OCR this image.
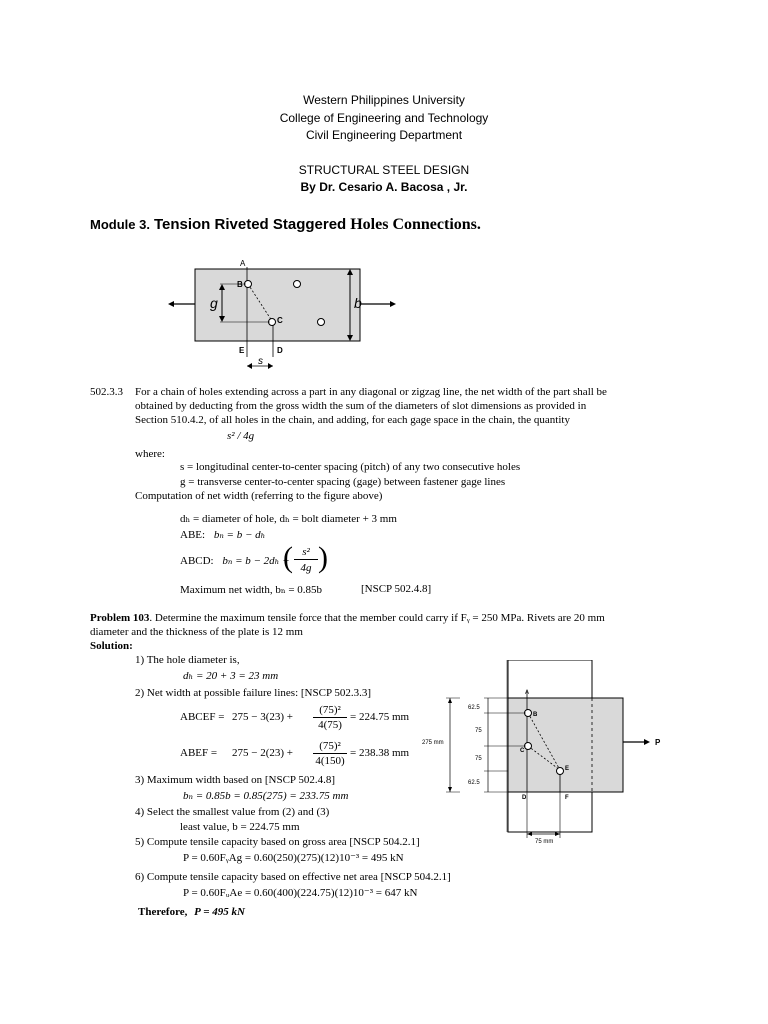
Western Philippines University
College of Engineering and Technology
Civil Engineering Department
STRUCTURAL STEEL DESIGN
By Dr. Cesario A. Bacosa , Jr.
Module 3. Tension Riveted Staggered Holes Connections.
A
B
C
E	D
g	b
s
502.3.3 For a chain of holes extending across a part in any diagonal or zigzag line, the net width of the part shall be
obtained by deducting from the gross width the sum of the diameters of slot dimensions as provided in
Section 510.4.2, of all holes in the chain, and adding, for each gage space in the chain, the quantity
s² / 4g
where:
s = longitudinal center-to-center spacing (pitch) of any two consecutive holes
g = transverse center-to-center spacing (gage) between fastener gage lines
Computation of net width (referring to the figure above)
dₕ = diameter of hole, dₕ = bolt diameter + 3 mm
ABE: bₙ = b − dₕ
ABCD: bₙ = b − 2dₕ +
( s²
4g )
Maximum net width, bₙ = 0.85b	[NSCP 502.4.8]
Problem 103. Determine the maximum tensile force that the member could carry if Fᵧ = 250 MPa. Rivets are 20 mm
diameter and the thickness of the plate is 12 mm
Solution:
1) The hole diameter is,
dₕ = 20 + 3 = 23 mm
2) Net width at possible failure lines: [NSCP 502.3.3]
ABCEF = 275 − 3(23) +
(75)²
4(75)
= 224.75 mm
ABEF = 275 − 2(23) +
(75)²
4(150)
= 238.38 mm
3) Maximum width based on [NSCP 502.4.8]
bₙ = 0.85b = 0.85(275) = 233.75 mm
4) Select the smallest value from (2) and (3)
least value, b = 224.75 mm
5) Compute tensile capacity based on gross area [NSCP 504.2.1]
P = 0.60FᵧAg = 0.60(250)(275)(12)10⁻³ = 495 kN
6) Compute tensile capacity based on effective net area [NSCP 504.2.1]
P = 0.60FᵤAe = 0.60(400)(224.75)(12)10⁻³ = 647 kN
Therefore, P = 495 kN
A
B
C
E
D	F
62.5
75
75
62.5
275 mm
75 mm
P
